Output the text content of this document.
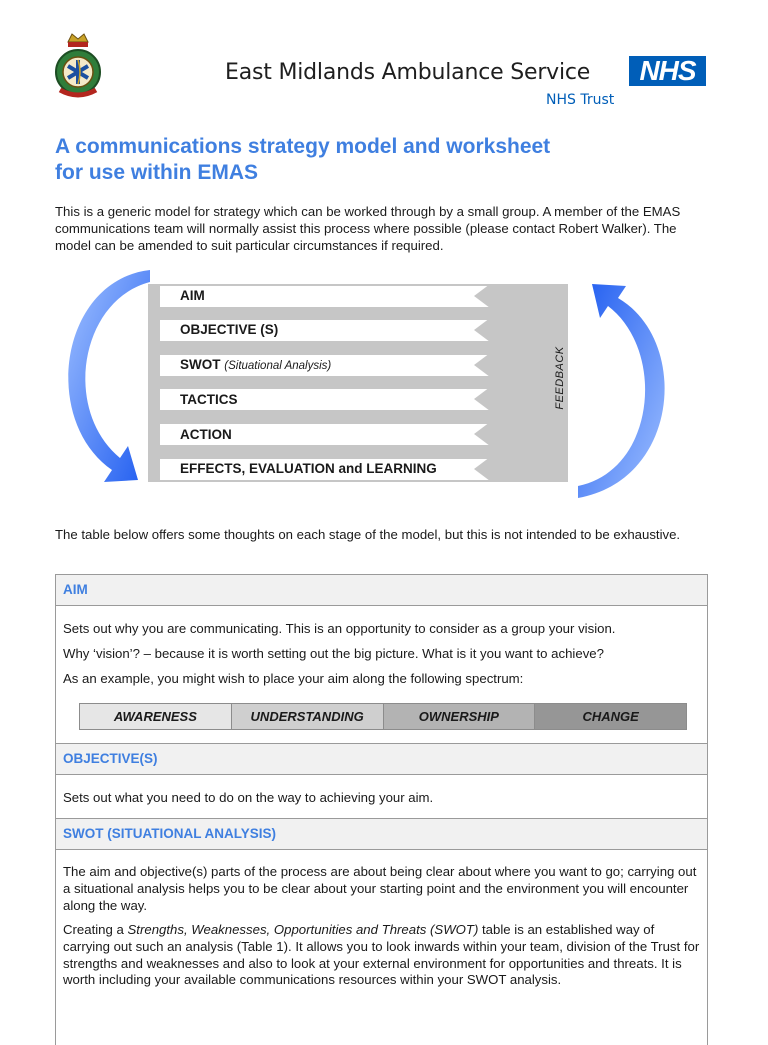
East Midlands Ambulance Service	NHS
NHS Trust
A communications strategy model and worksheet
for use within EMAS

This is a generic model for strategy which can be worked through by a small group. A member of the EMAS communications team will normally assist this process where possible (please contact Robert Walker). The model can be amended to suit particular circumstances if required.

AIM
OBJECTIVE (S)
SWOT (Situational Analysis)
TACTICS
ACTION
EFFECTS, EVALUATION and LEARNING
FEEDBACK

The table below offers some thoughts on each stage of the model, but this is not intended to be exhaustive.

AIM

Sets out why you are communicating. This is an opportunity to consider as a group your vision.

Why ‘vision’? – because it is worth setting out the big picture. What is it you want to achieve?

As an example, you might wish to place your aim along the following spectrum:

AWARENESS	UNDERSTANDING	OWNERSHIP	CHANGE
OBJECTIVE(S)

Sets out what you need to do on the way to achieving your aim.

SWOT (SITUATIONAL ANALYSIS)

The aim and objective(s) parts of the process are about being clear about where you want to go; carrying out a situational analysis helps you to be clear about your starting point and the environment you will encounter along the way.

Creating a Strengths, Weaknesses, Opportunities and Threats (SWOT) table is an established way of carrying out such an analysis (Table 1). It allows you to look inwards within your team, division of the Trust for strengths and weaknesses and also to look at your external environment for opportunities and threats. It is worth including your available communications resources within your SWOT analysis.
